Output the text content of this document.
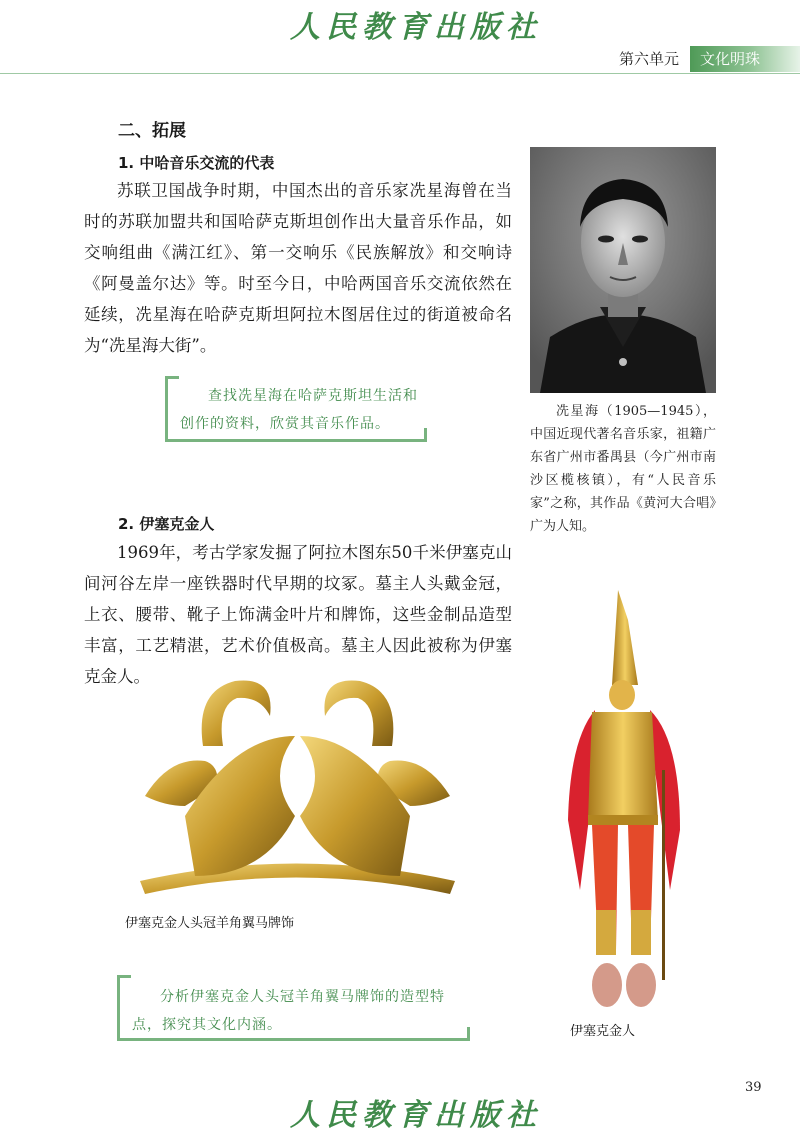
人民教育出版社
第六单元	文化明珠
二、拓展
1. 中哈音乐交流的代表

苏联卫国战争时期，中国杰出的音乐家冼星海曾在当时的苏联加盟共和国哈萨克斯坦创作出大量音乐作品，如交响组曲《满江红》、第一交响乐《民族解放》和交响诗《阿曼盖尔达》等。时至今日，中哈两国音乐交流依然在延续，冼星海在哈萨克斯坦阿拉木图居住过的街道被命名为“冼星海大街”。

查找冼星海在哈萨克斯坦生活和创作的资料，欣赏其音乐作品。
冼星海（1905—1945），中国近现代著名音乐家，祖籍广东省广州市番禺县（今广州市南沙区榄核镇），有“人民音乐家”之称，其作品《黄河大合唱》广为人知。
2. 伊塞克金人

1969年，考古学家发掘了阿拉木图东50千米伊塞克山间河谷左岸一座铁器时代早期的坟冢。墓主人头戴金冠，上衣、腰带、靴子上饰满金叶片和牌饰，这些金制品造型丰富，工艺精湛，艺术价值极高。墓主人因此被称为伊塞克金人。

伊塞克金人头冠羊角翼马牌饰
分析伊塞克金人头冠羊角翼马牌饰的造型特点，探究其文化内涵。	伊塞克金人
39
人民教育出版社
